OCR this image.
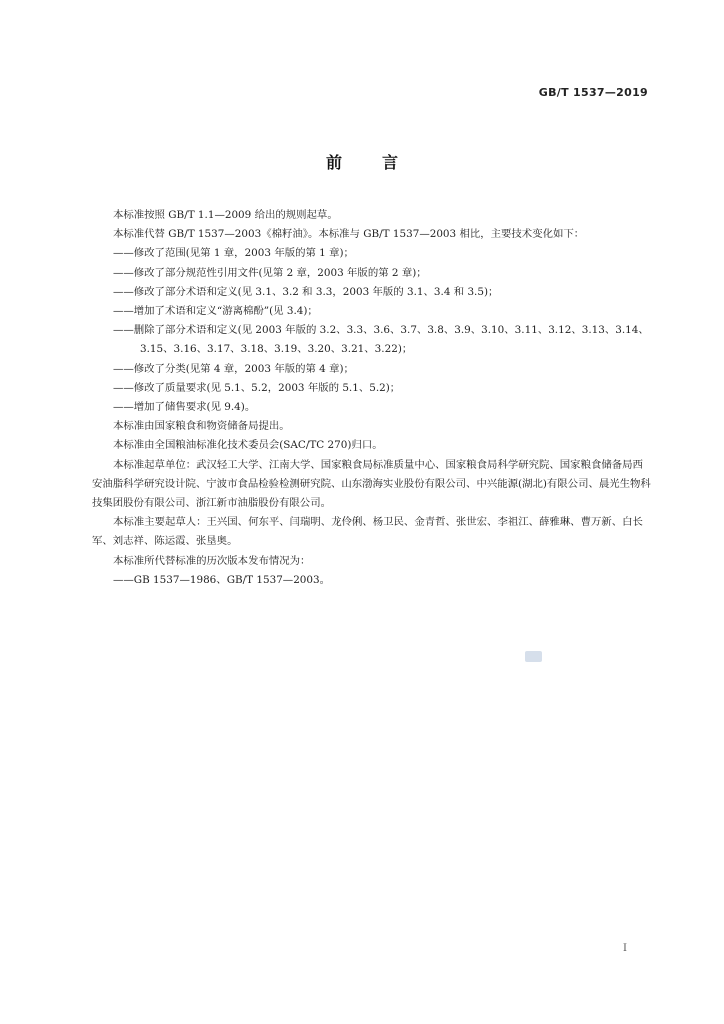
GB/T 1537—2019
前言

本标准按照 GB/T 1.1—2009 给出的规则起草。

本标准代替 GB/T 1537—2003《棉籽油》。本标准与 GB/T 1537—2003 相比，主要技术变化如下：

——修改了范围(见第 1 章，2003 年版的第 1 章)；

——修改了部分规范性引用文件(见第 2 章，2003 年版的第 2 章)；

——修改了部分术语和定义(见 3.1、3.2 和 3.3，2003 年版的 3.1、3.4 和 3.5)；

——增加了术语和定义“游离棉酚”(见 3.4)；

——删除了部分术语和定义(见 2003 年版的 3.2、3.3、3.6、3.7、3.8、3.9、3.10、3.11、3.12、3.13、3.14、

3.15、3.16、3.17、3.18、3.19、3.20、3.21、3.22)；

——修改了分类(见第 4 章，2003 年版的第 4 章)；

——修改了质量要求(见 5.1、5.2，2003 年版的 5.1、5.2)；

——增加了储售要求(见 9.4)。

本标准由国家粮食和物资储备局提出。

本标准由全国粮油标准化技术委员会(SAC/TC 270)归口。

本标准起草单位：武汉轻工大学、江南大学、国家粮食局标准质量中心、国家粮食局科学研究院、国家粮食储备局西安油脂科学研究设计院、宁波市食品检验检测研究院、山东渤海实业股份有限公司、中兴能源(湖北)有限公司、晨光生物科技集团股份有限公司、浙江新市油脂股份有限公司。

本标准主要起草人：王兴国、何东平、闫瑞明、龙伶俐、杨卫民、金青哲、张世宏、李祖江、薛雅琳、曹万新、白长军、刘志祥、陈运霞、张垦奥。

本标准所代替标准的历次版本发布情况为：

——GB 1537—1986、GB/T 1537—2003。

I
